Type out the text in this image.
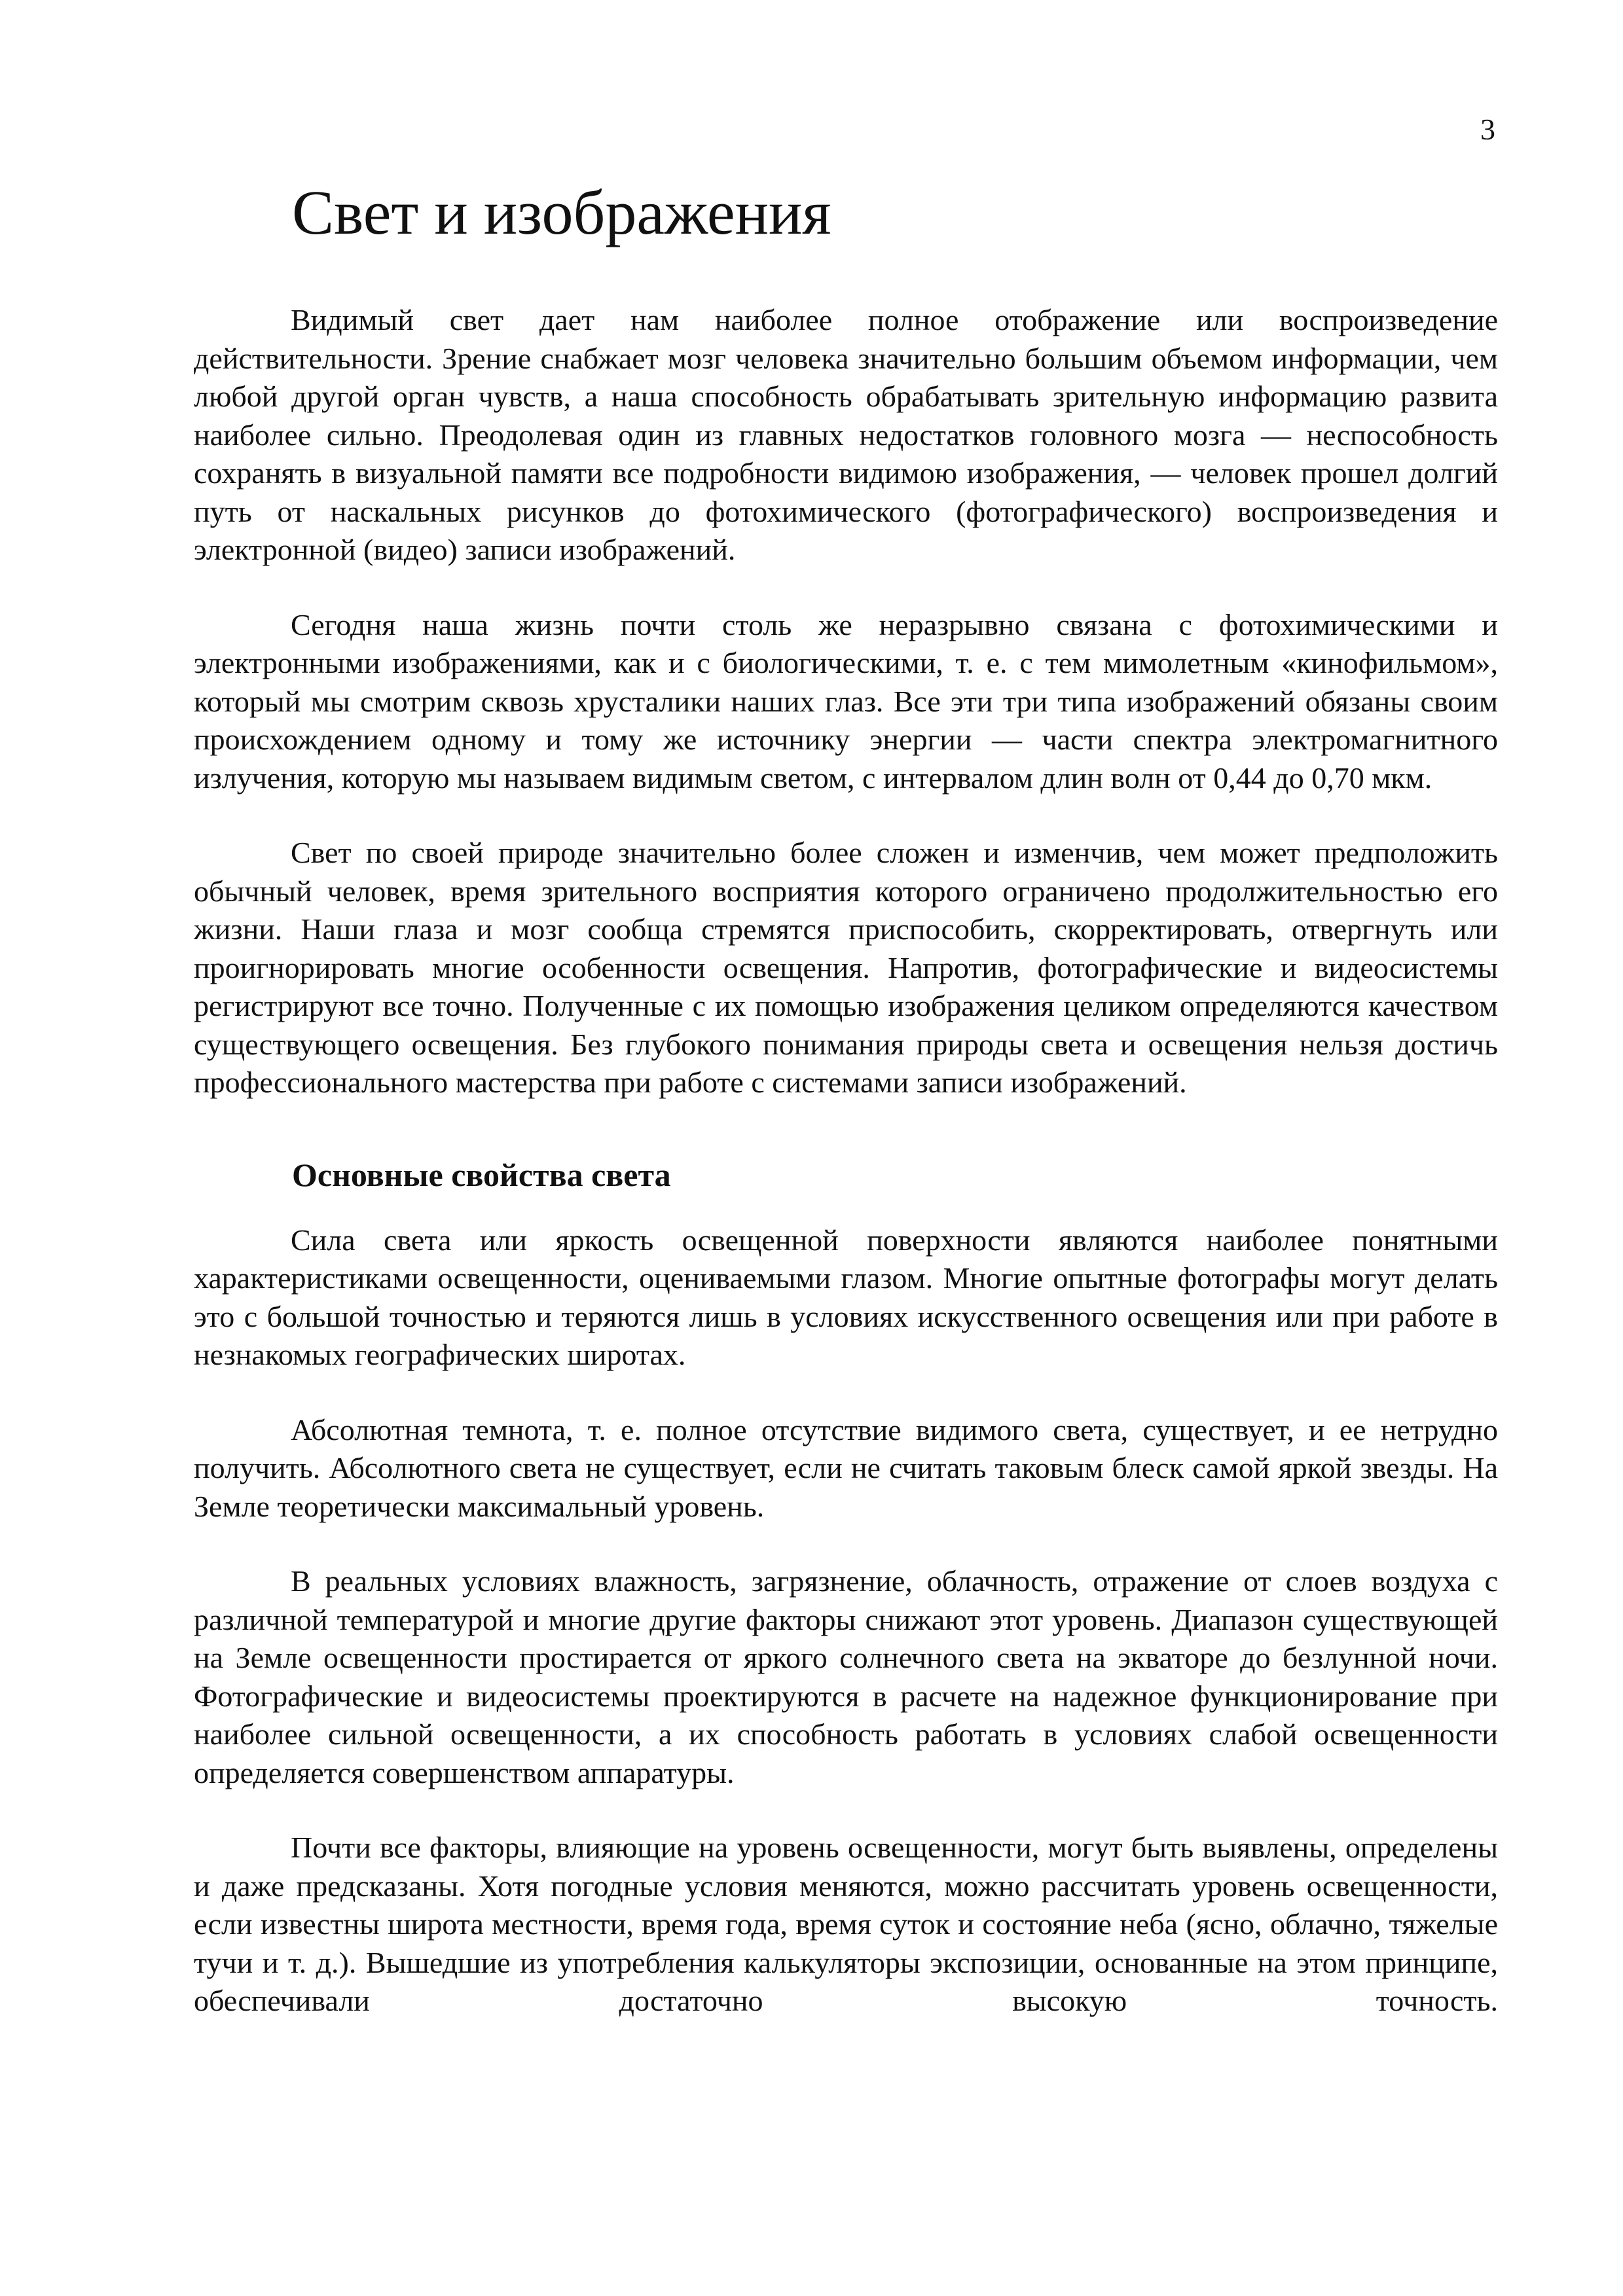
3
Свет и изображения

Видимый свет дает нам наиболее полное отображение или воспроизведение действительности. Зрение снабжает мозг человека значительно большим объемом информации, чем любой другой орган чувств, а наша способность обрабатывать зрительную информацию развита наиболее сильно. Преодолевая один из главных недостатков головного мозга — неспособность сохранять в визуальной памяти все подробности видимою изображения, — человек прошел долгий путь от наскальных рисунков до фотохимического (фотографического) воспроизведения и электронной (видео) записи изображений.

Сегодня наша жизнь почти столь же неразрывно связана с фотохимическими и электронными изображениями, как и с биологическими, т. е. с тем мимолетным «кинофильмом», который мы смотрим сквозь хрусталики наших глаз. Все эти три типа изображений обязаны своим происхождением одному и тому же источнику энергии — части спектра электромагнитного излучения, которую мы называем видимым светом, с интервалом длин волн от 0,44 до 0,70 мкм.

Свет по своей природе значительно более сложен и изменчив, чем может предположить обычный человек, время зрительного восприятия которого ограничено продолжительностью его жизни. Наши глаза и мозг сообща стремятся приспособить, скорректировать, отвергнуть или проигнорировать многие особенности освещения. Напротив, фотографические и видеосистемы регистрируют все точно. Полученные с их помощью изображения целиком определяются качеством существующего освещения. Без глубокого понимания природы света и освещения нельзя достичь профессионального мастерства при работе с системами записи изображений.

Основные свойства света

Сила света или яркость освещенной поверхности являются наиболее понятными характеристиками освещенности, оцениваемыми глазом. Многие опытные фотографы могут делать это с большой точностью и теряются лишь в условиях искусственного освещения или при работе в незнакомых географических широтах.

Абсолютная темнота, т. е. полное отсутствие видимого света, существует, и ее нетрудно получить. Абсолютного света не существует, если не считать таковым блеск самой яркой звезды. На Земле теоретически максимальный уровень.

В реальных условиях влажность, загрязнение, облачность, отражение от слоев воздуха с различной температурой и многие другие факторы снижают этот уровень. Диапазон существующей на Земле освещенности простирается от яркого солнечного света на экваторе до безлунной ночи. Фотографические и видеосистемы проектируются в расчете на надежное функционирование при наиболее сильной освещенности, а их способность работать в условиях слабой освещенности определяется совершенством аппаратуры.

Почти все факторы, влияющие на уровень освещенности, могут быть выявлены, определены и даже предсказаны. Хотя погодные условия меняются, можно рассчитать уровень освещенности, если известны широта местности, время года, время суток и состояние неба (ясно, облачно, тяжелые тучи и т. д.). Вышедшие из употребления калькуляторы экспозиции, основанные на этом принципе, обеспечивали достаточно высокую точность.
